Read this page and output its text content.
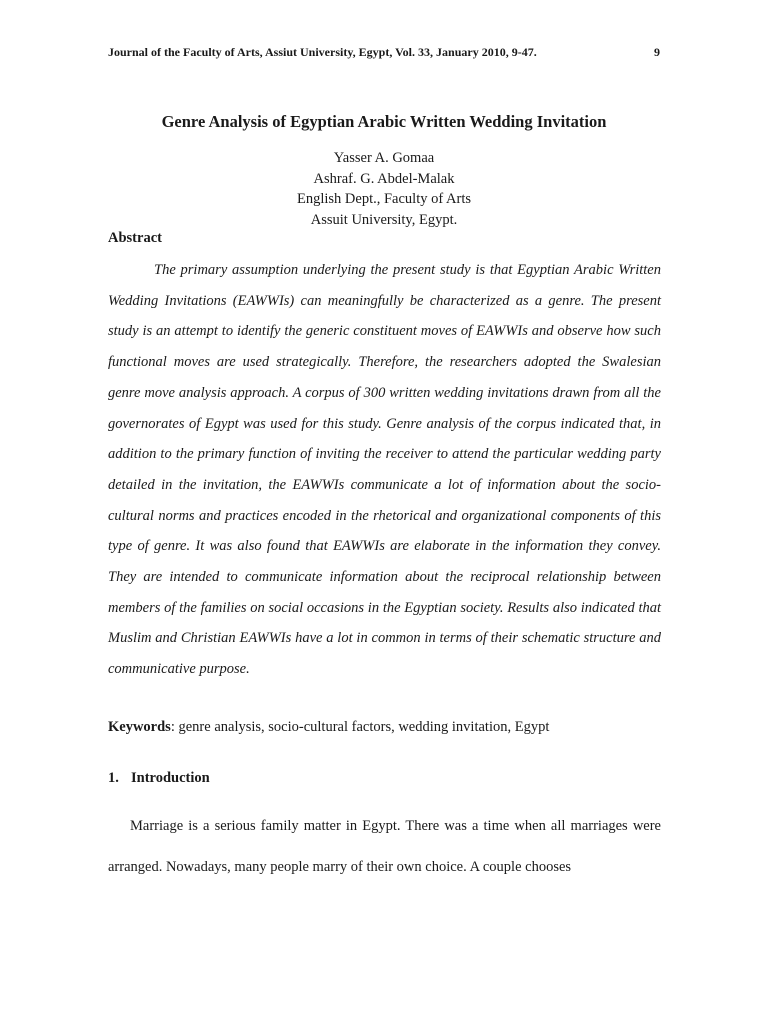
Journal of the Faculty of Arts, Assiut University, Egypt, Vol. 33, January 2010, 9-47.	9
Genre Analysis of Egyptian Arabic Written Wedding Invitation
Yasser A. Gomaa
Ashraf. G. Abdel-Malak
English Dept., Faculty of Arts
Assuit University, Egypt.
Abstract

The primary assumption underlying the present study is that Egyptian Arabic Written Wedding Invitations (EAWWIs) can meaningfully be characterized as a genre. The present study is an attempt to identify the generic constituent moves of EAWWIs and observe how such functional moves are used strategically. Therefore, the researchers adopted the Swalesian genre move analysis approach. A corpus of 300 written wedding invitations drawn from all the governorates of Egypt was used for this study. Genre analysis of the corpus indicated that, in addition to the primary function of inviting the receiver to attend the particular wedding party detailed in the invitation, the EAWWIs communicate a lot of information about the socio-cultural norms and practices encoded in the rhetorical and organizational components of this type of genre. It was also found that EAWWIs are elaborate in the information they convey. They are intended to communicate information about the reciprocal relationship between members of the families on social occasions in the Egyptian society. Results also indicated that Muslim and Christian EAWWIs have a lot in common in terms of their schematic structure and communicative purpose.

Keywords: genre analysis, socio-cultural factors, wedding invitation, Egypt
1. Introduction

Marriage is a serious family matter in Egypt. There was a time when all marriages were arranged. Nowadays, many people marry of their own choice. A couple chooses
